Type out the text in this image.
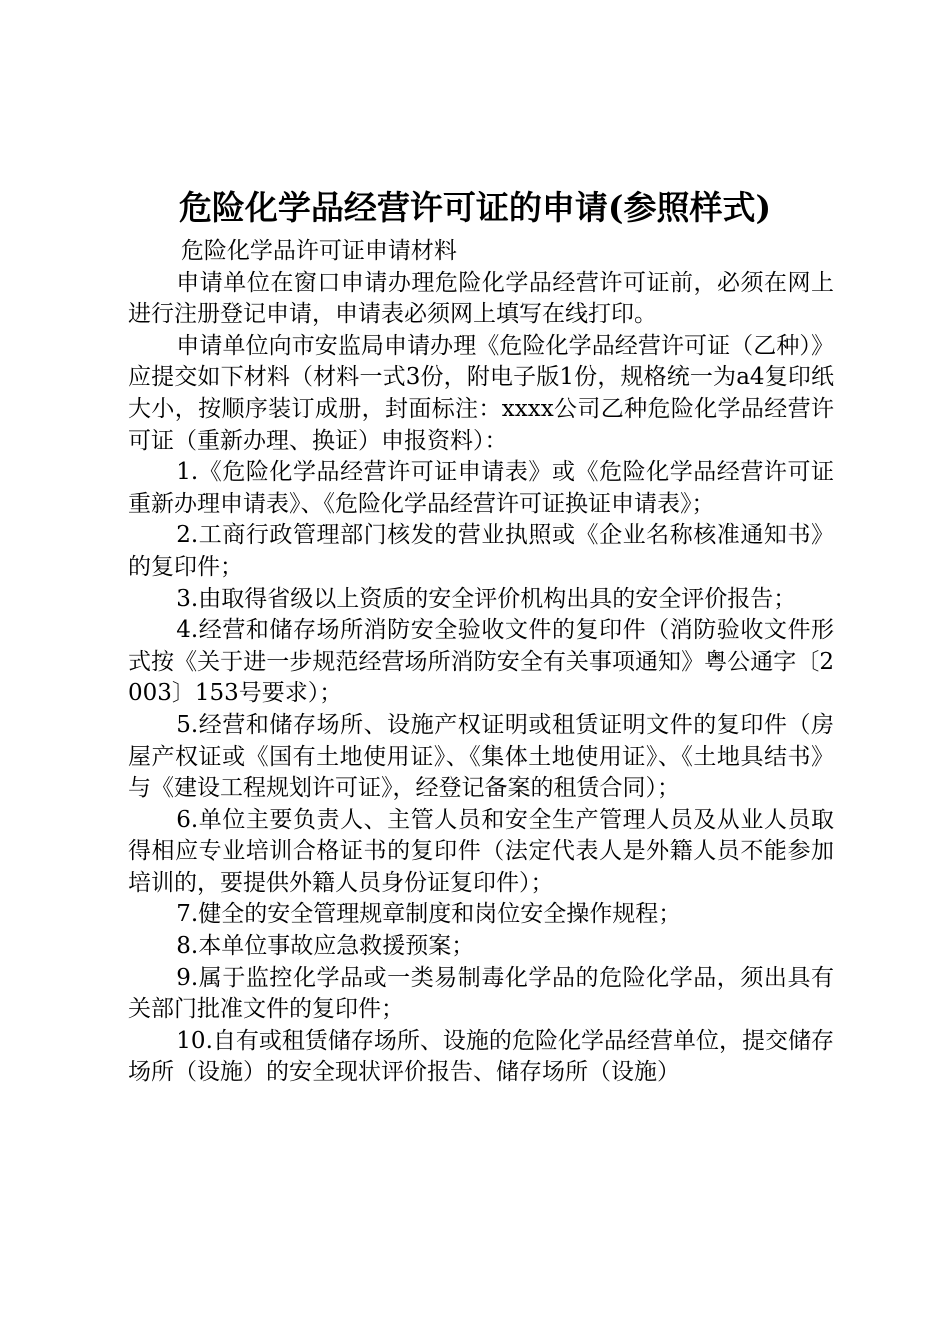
危险化学品经营许可证的申请(参照样式)

危险化学品许可证申请材料

申请单位在窗口申请办理危险化学品经营许可证前，必须在网上进行注册登记申请，申请表必须网上填写在线打印。

申请单位向市安监局申请办理《危险化学品经营许可证（乙种）》应提交如下材料（材料一式3份，附电子版1份，规格统一为a4复印纸大小，按顺序装订成册，封面标注：xxxx公司乙种危险化学品经营许可证（重新办理、换证）申报资料）：

1.《危险化学品经营许可证申请表》或《危险化学品经营许可证重新办理申请表》、《危险化学品经营许可证换证申请表》；

2.工商行政管理部门核发的营业执照或《企业名称核准通知书》的复印件；

3.由取得省级以上资质的安全评价机构出具的安全评价报告；

4.经营和储存场所消防安全验收文件的复印件（消防验收文件形式按《关于进一步规范经营场所消防安全有关事项通知》粤公通字〔2003〕153号要求）；

5.经营和储存场所、设施产权证明或租赁证明文件的复印件（房屋产权证或《国有土地使用证》、《集体土地使用证》、《土地具结书》与《建设工程规划许可证》，经登记备案的租赁合同）；

6.单位主要负责人、主管人员和安全生产管理人员及从业人员取得相应专业培训合格证书的复印件（法定代表人是外籍人员不能参加培训的，要提供外籍人员身份证复印件）；

7.健全的安全管理规章制度和岗位安全操作规程；

8.本单位事故应急救援预案；

9.属于监控化学品或一类易制毒化学品的危险化学品，须出具有关部门批准文件的复印件；

10.自有或租赁储存场所、设施的危险化学品经营单位，提交储存场所（设施）的安全现状评价报告、储存场所（设施）
